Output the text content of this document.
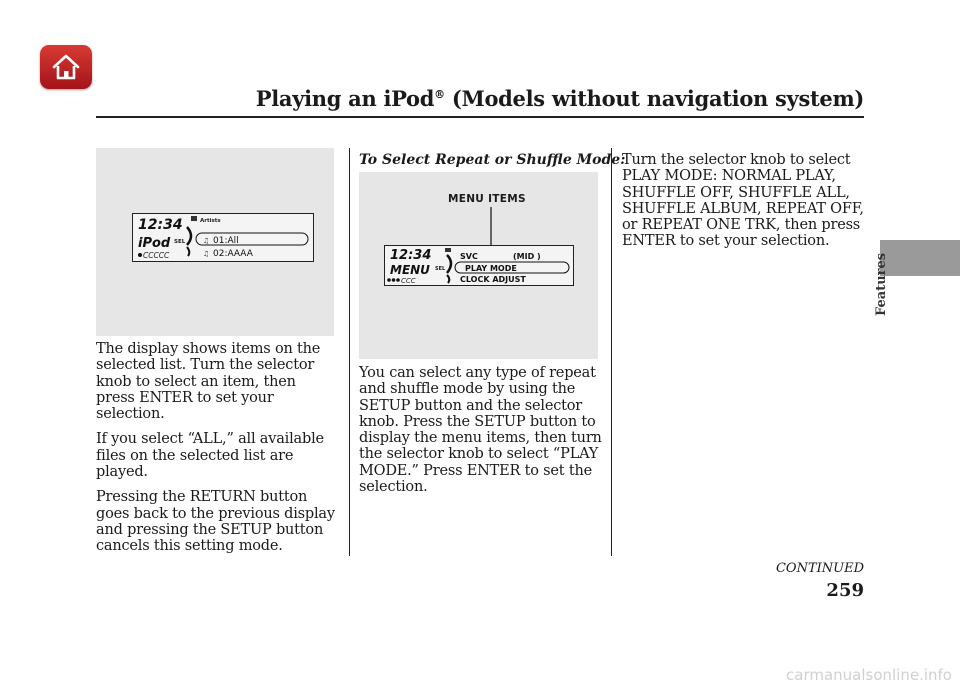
Playing an iPod® (Models without navigation system)
Features
12:34
iPod
Artists
SEL	♫ 01:All
♫ 02:AAAA
CCCCC

The display shows items on the selected list. Turn the selector knob to select an item, then press ENTER to set your selection.

If you select “ALL,” all available files on the selected list are played.

Pressing the RETURN button goes back to the previous display and pressing the SETUP button cancels this setting mode.

To Select Repeat or Shuffle Mode:
MENU ITEMS
12:34
MENU SEL
SVC	(MID )
PLAY MODE
CLOCK ADJUST
CCC

You can select any type of repeat and shuffle mode by using the SETUP button and the selector knob. Press the SETUP button to display the menu items, then turn the selector knob to select “PLAY MODE.” Press ENTER to set the selection.

Turn the selector knob to select PLAY MODE: NORMAL PLAY, SHUFFLE OFF, SHUFFLE ALL, SHUFFLE ALBUM, REPEAT OFF, or REPEAT ONE TRK, then press ENTER to set your selection.

CONTINUED
259
carmanualsonline.info
